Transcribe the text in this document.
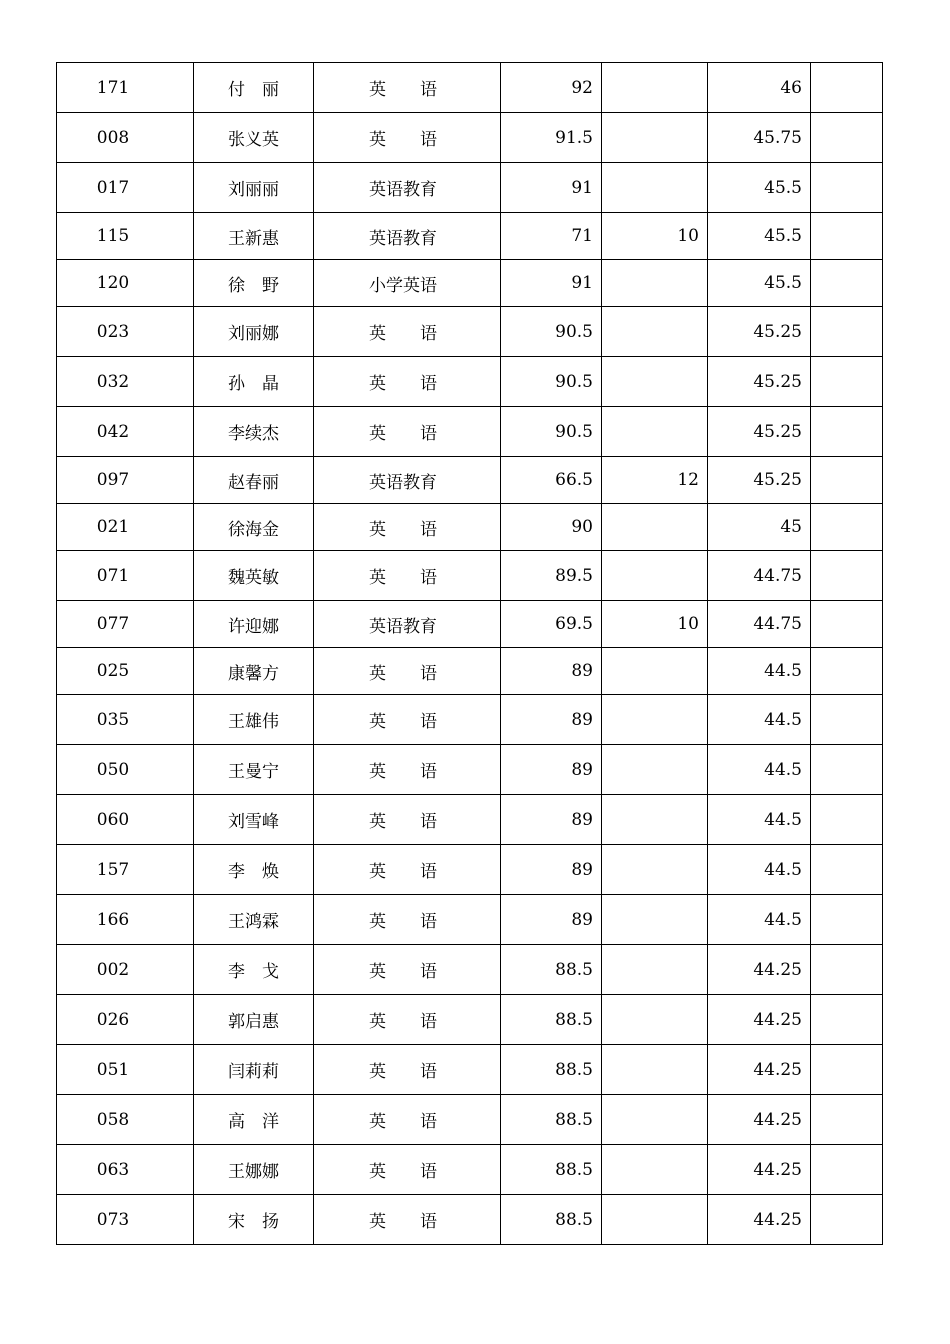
171	付　丽	英　　语	92		46	
008	张义英	英　　语	91.5		45.75	
017	刘丽丽	英语教育	91		45.5	
115	王新惠	英语教育	71	10	45.5	
120	徐　野	小学英语	91		45.5	
023	刘丽娜	英　　语	90.5		45.25	
032	孙　晶	英　　语	90.5		45.25	
042	李续杰	英　　语	90.5		45.25	
097	赵春丽	英语教育	66.5	12	45.25	
021	徐海金	英　　语	90		45	
071	魏英敏	英　　语	89.5		44.75	
077	许迎娜	英语教育	69.5	10	44.75	
025	康馨方	英　　语	89		44.5	
035	王雄伟	英　　语	89		44.5	
050	王曼宁	英　　语	89		44.5	
060	刘雪峰	英　　语	89		44.5	
157	李　焕	英　　语	89		44.5	
166	王鸿霖	英　　语	89		44.5	
002	李　戈	英　　语	88.5		44.25	
026	郭启惠	英　　语	88.5		44.25	
051	闫莉莉	英　　语	88.5		44.25	
058	高　洋	英　　语	88.5		44.25	
063	王娜娜	英　　语	88.5		44.25	
073	宋　扬	英　　语	88.5		44.25	
